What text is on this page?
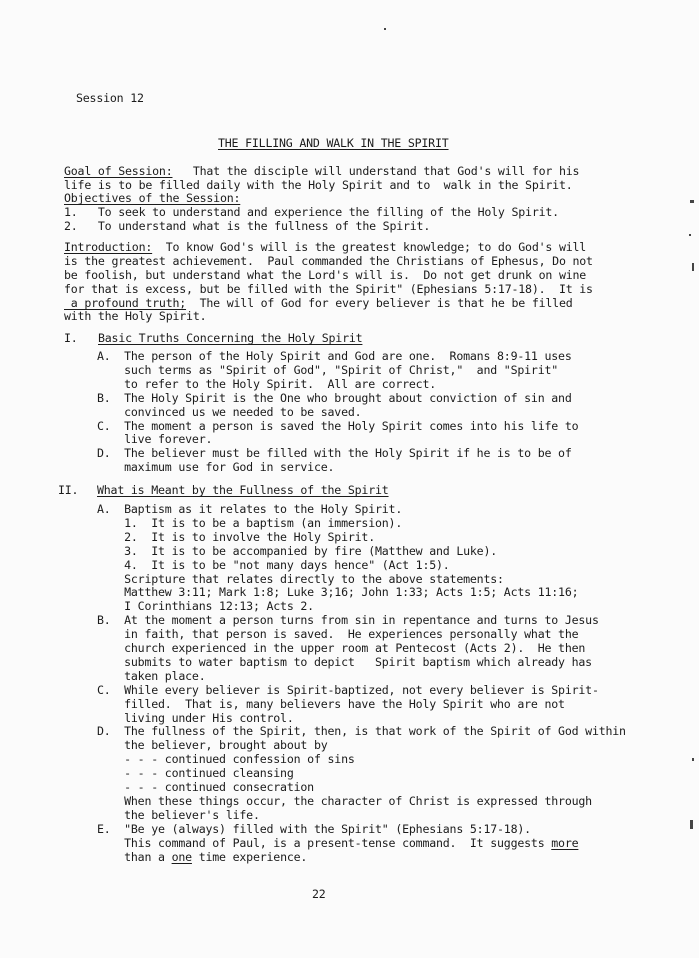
Session 12
THE FILLING AND WALK IN THE SPIRIT
Goal of Session:   That the disciple will understand that God's will for his
life is to be filled daily with the Holy Spirit and to  walk in the Spirit.
Objectives of the Session:
1.   To seek to understand and experience the filling of the Holy Spirit.
2.   To understand what is the fullness of the Spirit.
Introduction:  To know God's will is the greatest knowledge; to do God's will
is the greatest achievement.  Paul commanded the Christians of Ephesus, Do not
be foolish, but understand what the Lord's will is.  Do not get drunk on wine
for that is excess, but be filled with the Spirit" (Ephesians 5:17-18).  It is
a profound truth;  The will of God for every believer is that he be filled
with the Holy Spirit.
I. Basic Truths Concerning the Holy Spirit
A.  The person of the Holy Spirit and God are one.  Romans 8:9-11 uses
such terms as "Spirit of God", "Spirit of Christ,"  and "Spirit"
to refer to the Holy Spirit.  All are correct.
B.  The Holy Spirit is the One who brought about conviction of sin and
convinced us we needed to be saved.
C.  The moment a person is saved the Holy Spirit comes into his life to
live forever.
D.  The believer must be filled with the Holy Spirit if he is to be of
maximum use for God in service.
II. What is Meant by the Fullness of the Spirit
A.  Baptism as it relates to the Holy Spirit.
1.  It is to be a baptism (an immersion).
2.  It is to involve the Holy Spirit.
3.  It is to be accompanied by fire (Matthew and Luke).
4.  It is to be "not many days hence" (Act 1:5).
Scripture that relates directly to the above statements:
Matthew 3:11; Mark 1:8; Luke 3;16; John 1:33; Acts 1:5; Acts 11:16;
I Corinthians 12:13; Acts 2.
B.  At the moment a person turns from sin in repentance and turns to Jesus
in faith, that person is saved.  He experiences personally what the
church experienced in the upper room at Pentecost (Acts 2).  He then
submits to water baptism to depict   Spirit baptism which already has
taken place.
C.  While every believer is Spirit-baptized, not every believer is Spirit-
filled.  That is, many believers have the Holy Spirit who are not
living under His control.
D.  The fullness of the Spirit, then, is that work of the Spirit of God within
the believer, brought about by
- - - continued confession of sins
- - - continued cleansing
- - - continued consecration
When these things occur, the character of Christ is expressed through
the believer's life.
E.  "Be ye (always) filled with the Spirit" (Ephesians 5:17-18).
This command of Paul, is a present-tense command.  It suggests more
than a one time experience.
22
